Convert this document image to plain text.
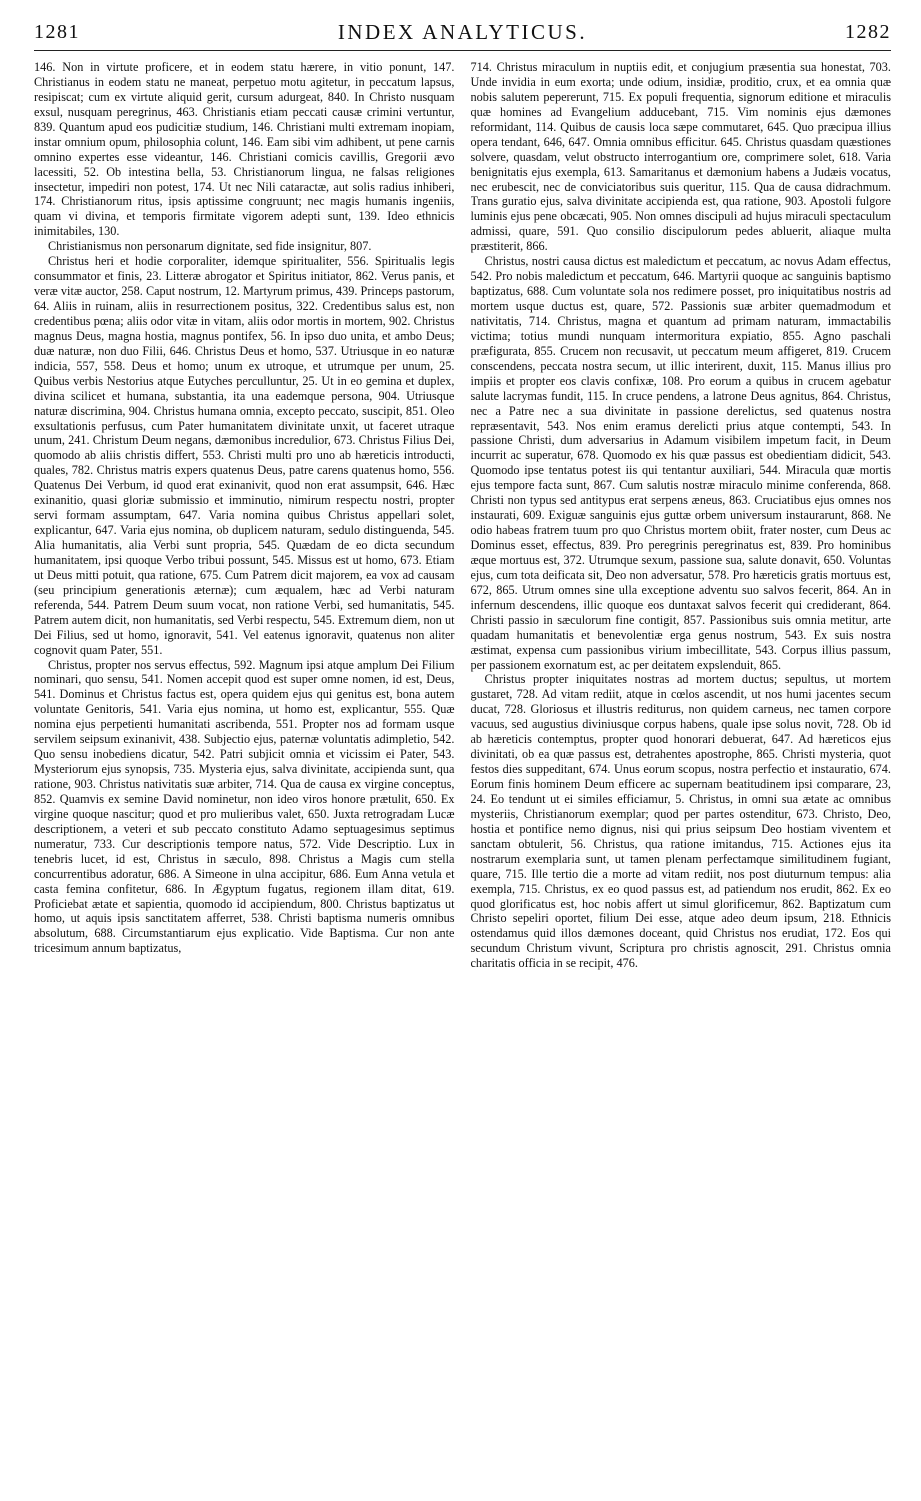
1281	INDEX ANALYTICUS.	1282

146. Non in virtute proficere, et in eodem statu hærere, in vitio ponunt, 147. Christianus in eodem statu ne maneat, perpetuo motu agitetur, in peccatum lapsus, resipiscat; cum ex virtute aliquid gerit, cursum adurgeat, 840. In Christo nusquam exsul, nusquam peregrinus, 463. Christianis etiam peccati causæ crimini vertuntur, 839. Quantum apud eos pudicitiæ studium, 146. Christiani multi extremam inopiam, instar omnium opum, philosophia colunt, 146. Eam sibi vim adhibent, ut pene carnis omnino expertes esse videantur, 146. Christiani comicis cavillis, Gregorii ævo lacessiti, 52. Ob intestina bella, 53. Christianorum lingua, ne falsas religiones insectetur, impediri non potest, 174. Ut nec Nili cataractæ, aut solis radius inhiberi, 174. Christianorum ritus, ipsis aptissime congruunt; nec magis humanis ingeniis, quam vi divina, et temporis firmitate vigorem adepti sunt, 139. Ideo ethnicis inimitabiles, 130.

Christianismus non personarum dignitate, sed fide insignitur, 807.

Christus heri et hodie corporaliter, idemque spiritualiter, 556. Spiritualis legis consummator et finis, 23. Litteræ abrogator et Spiritus initiator, 862. Verus panis, et veræ vitæ auctor, 258. Caput nostrum, 12. Martyrum primus, 439. Princeps pastorum, 64. Aliis in ruinam, aliis in resurrectionem positus, 322. Credentibus salus est, non credentibus pœna; aliis odor vitæ in vitam, aliis odor mortis in mortem, 902. Christus magnus Deus, magna hostia, magnus pontifex, 56. In ipso duo unita, et ambo Deus; duæ naturæ, non duo Filii, 646. Christus Deus et homo, 537. Utriusque in eo naturæ indicia, 557, 558. Deus et homo; unum ex utroque, et utrumque per unum, 25. Quibus verbis Nestorius atque Eutyches perculluntur, 25. Ut in eo gemina et duplex, divina scilicet et humana, substantia, ita una eademque persona, 904. Utriusque naturæ discrimina, 904. Christus humana omnia, excepto peccato, suscipit, 851. Oleo exsultationis perfusus, cum Pater humanitatem divinitate unxit, ut faceret utraque unum, 241. Christum Deum negans, dæmonibus incredulior, 673. Christus Filius Dei, quomodo ab aliis christis differt, 553. Christi multi pro uno ab hæreticis introducti, quales, 782. Christus matris expers quatenus Deus, patre carens quatenus homo, 556. Quatenus Dei Verbum, id quod erat exinanivit, quod non erat assumpsit, 646. Hæc exinanitio, quasi gloriæ submissio et imminutio, nimirum respectu nostri, propter servi formam assumptam, 647. Varia nomina quibus Christus appellari solet, explicantur, 647. Varia ejus nomina, ob duplicem naturam, sedulo distinguenda, 545. Alia humanitatis, alia Verbi sunt propria, 545. Quædam de eo dicta secundum humanitatem, ipsi quoque Verbo tribui possunt, 545. Missus est ut homo, 673. Etiam ut Deus mitti potuit, qua ratione, 675. Cum Patrem dicit majorem, ea vox ad causam (seu principium generationis æternæ); cum æqualem, hæc ad Verbi naturam referenda, 544. Patrem Deum suum vocat, non ratione Verbi, sed humanitatis, 545. Patrem autem dicit, non humanitatis, sed Verbi respectu, 545. Extremum diem, non ut Dei Filius, sed ut homo, ignoravit, 541. Vel eatenus ignoravit, quatenus non aliter cognovit quam Pater, 551.

Christus, propter nos servus effectus, 592. Magnum ipsi atque amplum Dei Filium nominari, quo sensu, 541. Nomen accepit quod est super omne nomen, id est, Deus, 541. Dominus et Christus factus est, opera quidem ejus qui genitus est, bona autem voluntate Genitoris, 541. Varia ejus nomina, ut homo est, explicantur, 555. Quæ nomina ejus perpetienti humanitati ascribenda, 551. Propter nos ad formam usque servilem seipsum exinanivit, 438. Subjectio ejus, paternæ voluntatis adimpletio, 542. Quo sensu inobediens dicatur, 542. Patri subjicit omnia et vicissim ei Pater, 543. Mysteriorum ejus synopsis, 735. Mysteria ejus, salva divinitate, accipienda sunt, qua ratione, 903. Christus nativitatis suæ arbiter, 714. Qua de causa ex virgine conceptus, 852. Quamvis ex semine David nominetur, non ideo viros honore prætulit, 650. Ex virgine quoque nascitur; quod et pro mulieribus valet, 650. Juxta retrogradam Lucæ descriptionem, a veteri et sub peccato constituto Adamo septuagesimus septimus numeratur, 733. Cur descriptionis tempore natus, 572. Vide Descriptio. Lux in tenebris lucet, id est, Christus in sæculo, 898. Christus a Magis cum stella concurrentibus adoratur, 686. A Simeone in ulna accipitur, 686. Eum Anna vetula et casta femina confitetur, 686. In Ægyptum fugatus, regionem illam ditat, 619. Proficiebat ætate et sapientia, quomodo id accipiendum, 800. Christus baptizatus ut homo, ut aquis ipsis sanctitatem afferret, 538. Christi baptisma numeris omnibus absolutum, 688. Circumstantiarum ejus explicatio. Vide Baptisma. Cur non ante tricesimum annum baptizatus,

714. Christus miraculum in nuptiis edit, et conjugium præsentia sua honestat, 703. Unde invidia in eum exorta; unde odium, insidiæ, proditio, crux, et ea omnia quæ nobis salutem pepererunt, 715. Ex populi frequentia, signorum editione et miraculis quæ homines ad Evangelium adducebant, 715. Vim nominis ejus dæmones reformidant, 114. Quibus de causis loca sæpe commutaret, 645. Quo præcipua illius opera tendant, 646, 647. Omnia omnibus efficitur. 645. Christus quasdam quæstiones solvere, quasdam, velut obstructo interrogantium ore, comprimere solet, 618. Varia benignitatis ejus exempla, 613. Samaritanus et dæmonium habens a Judæis vocatus, nec erubescit, nec de conviciatoribus suis queritur, 115. Qua de causa didrachmum. Trans guratio ejus, salva divinitate accipienda est, qua ratione, 903. Apostoli fulgore luminis ejus pene obcæcati, 905. Non omnes discipuli ad hujus miraculi spectaculum admissi, quare, 591. Quo consilio discipulorum pedes abluerit, aliaque multa præstiterit, 866.

Christus, nostri causa dictus est maledictum et peccatum, ac novus Adam effectus, 542. Pro nobis maledictum et peccatum, 646. Martyrii quoque ac sanguinis baptismo baptizatus, 688. Cum voluntate sola nos redimere posset, pro iniquitatibus nostris ad mortem usque ductus est, quare, 572. Passionis suæ arbiter quemadmodum et nativitatis, 714. Christus, magna et quantum ad primam naturam, immactabilis victima; totius mundi nunquam intermoritura expiatio, 855. Agno paschali præfigurata, 855. Crucem non recusavit, ut peccatum meum affigeret, 819. Crucem conscendens, peccata nostra secum, ut illic interirent, duxit, 115. Manus illius pro impiis et propter eos clavis confixæ, 108. Pro eorum a quibus in crucem agebatur salute lacrymas fundit, 115. In cruce pendens, a latrone Deus agnitus, 864. Christus, nec a Patre nec a sua divinitate in passione derelictus, sed quatenus nostra repræsentavit, 543. Nos enim eramus derelicti prius atque contempti, 543. In passione Christi, dum adversarius in Adamum visibilem impetum facit, in Deum incurrit ac superatur, 678. Quomodo ex his quæ passus est obedientiam didicit, 543. Quomodo ipse tentatus potest iis qui tentantur auxiliari, 544. Miracula quæ mortis ejus tempore facta sunt, 867. Cum salutis nostræ miraculo minime conferenda, 868. Christi non typus sed antitypus erat serpens æneus, 863. Cruciatibus ejus omnes nos instaurati, 609. Exiguæ sanguinis ejus guttæ orbem universum instaurarunt, 868. Ne odio habeas fratrem tuum pro quo Christus mortem obiit, frater noster, cum Deus ac Dominus esset, effectus, 839. Pro peregrinis peregrinatus est, 839. Pro hominibus æque mortuus est, 372. Utrumque sexum, passione sua, salute donavit, 650. Voluntas ejus, cum tota deificata sit, Deo non adversatur, 578. Pro hæreticis gratis mortuus est, 672, 865. Utrum omnes sine ulla exceptione adventu suo salvos fecerit, 864. An in infernum descendens, illic quoque eos duntaxat salvos fecerit qui crediderant, 864. Christi passio in sæculorum fine contigit, 857. Passionibus suis omnia metitur, arte quadam humanitatis et benevolentiæ erga genus nostrum, 543. Ex suis nostra æstimat, expensa cum passionibus virium imbecillitate, 543. Corpus illius passum, per passionem exornatum est, ac per deitatem expslenduit, 865.

Christus propter iniquitates nostras ad mortem ductus; sepultus, ut mortem gustaret, 728. Ad vitam rediit, atque in cœlos ascendit, ut nos humi jacentes secum ducat, 728. Gloriosus et illustris rediturus, non quidem carneus, nec tamen corpore vacuus, sed augustius diviniusque corpus habens, quale ipse solus novit, 728. Ob id ab hæreticis contemptus, propter quod honorari debuerat, 647. Ad hæreticos ejus divinitati, ob ea quæ passus est, detrahentes apostrophe, 865. Christi mysteria, quot festos dies suppeditant, 674. Unus eorum scopus, nostra perfectio et instauratio, 674. Eorum finis hominem Deum efficere ac supernam beatitudinem ipsi comparare, 23, 24. Eo tendunt ut ei similes efficiamur, 5. Christus, in omni sua ætate ac omnibus mysteriis, Christianorum exemplar; quod per partes ostenditur, 673. Christo, Deo, hostia et pontifice nemo dignus, nisi qui prius seipsum Deo hostiam viventem et sanctam obtulerit, 56. Christus, qua ratione imitandus, 715. Actiones ejus ita nostrarum exemplaria sunt, ut tamen plenam perfectamque similitudinem fugiant, quare, 715. Ille tertio die a morte ad vitam rediit, nos post diuturnum tempus: alia exempla, 715. Christus, ex eo quod passus est, ad patiendum nos erudit, 862. Ex eo quod glorificatus est, hoc nobis affert ut simul glorificemur, 862. Baptizatum cum Christo sepeliri oportet, filium Dei esse, atque adeo deum ipsum, 218. Ethnicis ostendamus quid illos dæmones doceant, quid Christus nos erudiat, 172. Eos qui secundum Christum vivunt, Scriptura pro christis agnoscit, 291. Christus omnia charitatis officia in se recipit, 476.
